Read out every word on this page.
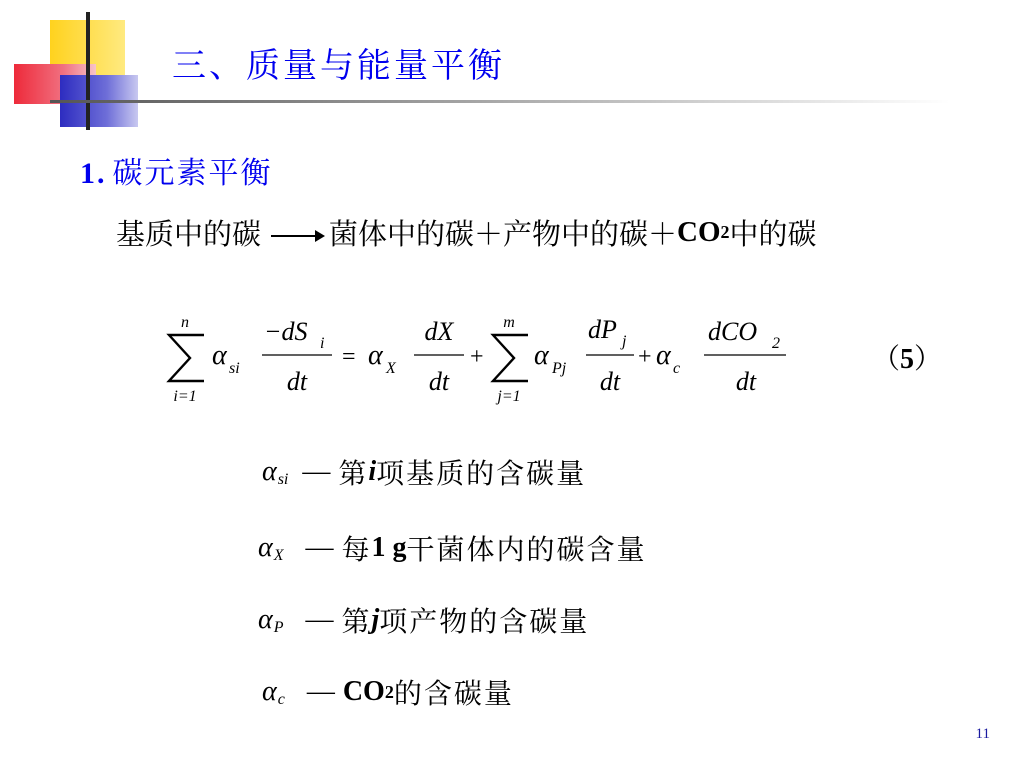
三、质量与能量平衡
1. 碳元素平衡
基质中的碳 菌体中的碳＋产物中的碳＋ CO 2 中的碳
n
i=1
α si
−dS i
dt
= α X
dX
dt
+
m
j=1
α Pj
dP j
dt
+ α c
dCO 2
dt
（5）
α si — 第 i 项基质的含碳量
α X — 每 1 g 干菌体内的碳含量
α P — 第 j 项产物的含碳量
α c — CO 2 的含碳量
11
